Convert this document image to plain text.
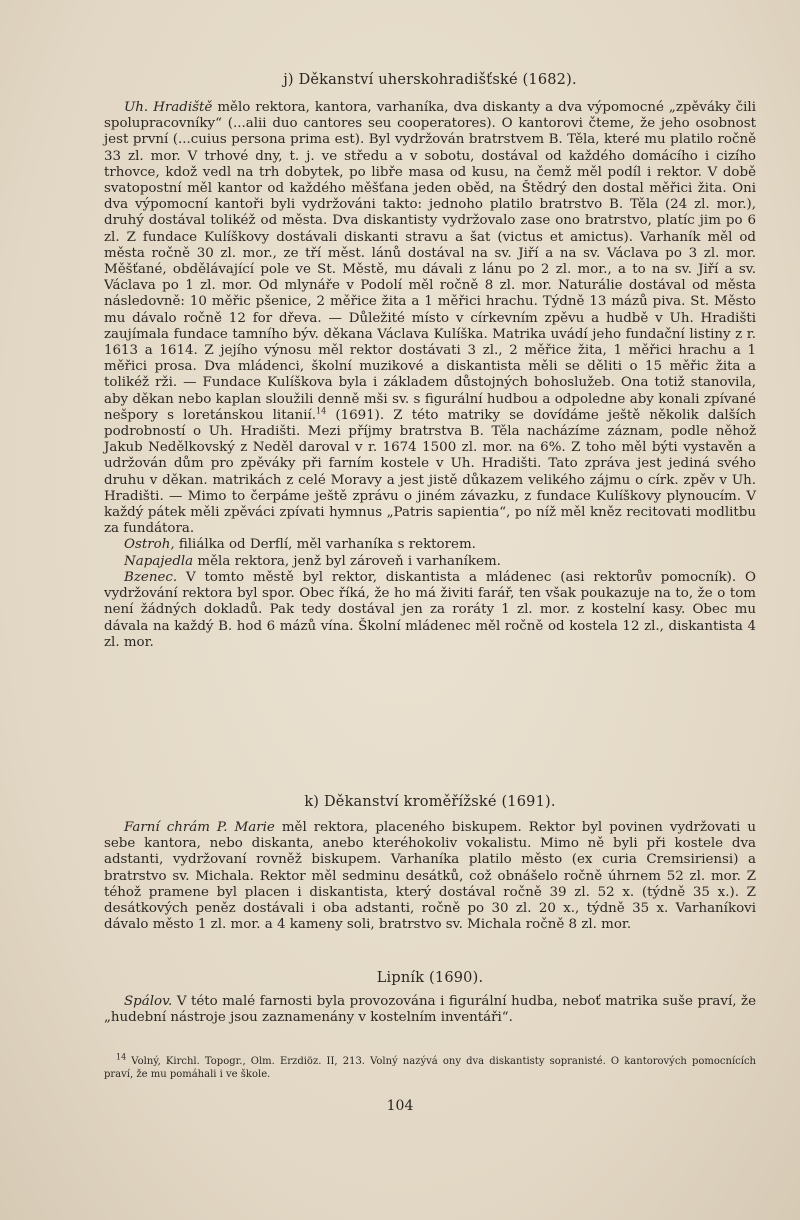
j) Děkanství uherskohradišťské (1682).

Uh. Hradiště mělo rektora, kantora, varhaníka, dva diskanty a dva výpomocné „zpěváky čili spolupracovníky“ (...alii duo cantores seu cooperatores). O kantorovi čteme, že jeho osobnost jest první (...cuius persona prima est). Byl vydržován bratrstvem B. Těla, které mu platilo ročně 33 zl. mor. V trhové dny, t. j. ve středu a v sobotu, dostával od každého domácího i cizího trhovce, kdož vedl na trh dobytek, po libře masa od kusu, na čemž měl podíl i rektor. V době svatopostní měl kantor od každého měšťana jeden oběd, na Štědrý den dostal měřici žita. Oni dva výpomocní kantoři byli vydržováni takto: jednoho platilo bratrstvo B. Těla (24 zl. mor.), druhý dostával tolikéž od města. Dva diskantisty vydržovalo zase ono bratrstvo, platíc jim po 6 zl. Z fundace Kulíškovy dostávali diskanti stravu a šat (victus et amictus). Varhaník měl od města ročně 30 zl. mor., ze tří měst. lánů dostával na sv. Jiří a na sv. Václava po 3 zl. mor. Měšťané, obdělávající pole ve St. Městě, mu dávali z lánu po 2 zl. mor., a to na sv. Jiří a sv. Václava po 1 zl. mor. Od mlynáře v Podolí měl ročně 8 zl. mor. Naturálie dostával od města následovně: 10 měřic pšenice, 2 měřice žita a 1 měřici hrachu. Týdně 13 mázů piva. St. Město mu dávalo ročně 12 for dřeva. — Důležité místo v církevním zpěvu a hudbě v Uh. Hradišti zaujímala fundace tamního býv. děkana Václava Kulíška. Matrika uvádí jeho fundační listiny z r. 1613 a 1614. Z jejího výnosu měl rektor dostávati 3 zl., 2 měřice žita, 1 měřici hrachu a 1 měřici prosa. Dva mládenci, školní muzikové a diskantista měli se děliti o 15 měřic žita a tolikéž rži. — Fundace Kulíškova byla i základem důstojných bohoslužeb. Ona totiž stanovila, aby děkan nebo kaplan sloužili denně mši sv. s figurální hudbou a odpoledne aby konali zpívané nešpory s loretánskou litanií.$^{14}$ (1691). Z této matriky se dovídáme ještě několik dalších podrobností o Uh. Hradišti. Mezi příjmy bratrstva B. Těla nacházíme záznam, podle něhož Jakub Nedělkovský z Neděl daroval v r. 1674 1500 zl. mor. na 6%. Z toho měl býti vystavěn a udržován dům pro zpěváky při farním kostele v Uh. Hradišti. Tato zpráva jest jediná svého druhu v děkan. matrikách z celé Moravy a jest jistě důkazem velikého zájmu o círk. zpěv v Uh. Hradišti. — Mimo to čerpáme ještě zprávu o jiném závazku, z fundace Kulíškovy plynoucím. V každý pátek měli zpěváci zpívati hymnus „Patris sapientia“, po níž měl kněz recitovati modlitbu za fundátora.

Ostroh, filiálka od Derflí, měl varhaníka s rektorem.

Napajedla měla rektora, jenž byl zároveň i varhaníkem.

Bzenec. V tomto městě byl rektor, diskantista a mládenec (asi rektorův pomocník). O vydržování rektora byl spor. Obec říká, že ho má živiti farář, ten však poukazuje na to, že o tom není žádných dokladů. Pak tedy dostával jen za roráty 1 zl. mor. z kostelní kasy. Obec mu dávala na každý B. hod 6 mázů vína. Školní mládenec měl ročně od kostela 12 zl., diskantista 4 zl. mor.

k) Děkanství kroměřížské (1691).

Farní chrám P. Marie měl rektora, placeného biskupem. Rektor byl povinen vydržovati u sebe kantora, nebo diskanta, anebo kteréhokoliv vokalistu. Mimo ně byli při kostele dva adstanti, vydržovaní rovněž biskupem. Varhaníka platilo město (ex curia Cremsiriensi) a bratrstvo sv. Michala. Rektor měl sedminu desátků, což obnášelo ročně úhrnem 52 zl. mor. Z téhož pramene byl placen i diskantista, který dostával ročně 39 zl. 52 x. (týdně 35 x.). Z desátkových peněz dostávali i oba adstanti, ročně po 30 zl. 20 x., týdně 35 x. Varhaníkovi dávalo město 1 zl. mor. a 4 kameny soli, bratrstvo sv. Michala ročně 8 zl. mor.

Lipník (1690).

Spálov. V této malé farnosti byla provozována i figurální hudba, neboť matrika suše praví, že „hudební nástroje jsou zaznamenány v kostelním inventáři“.

$^{14}$ Volný, Kirchl. Topogr., Olm. Erzdiöz. II, 213. Volný nazývá ony dva diskantisty sopranisté. O kantorových pomocnících praví, že mu pomáhali i ve škole.

104
